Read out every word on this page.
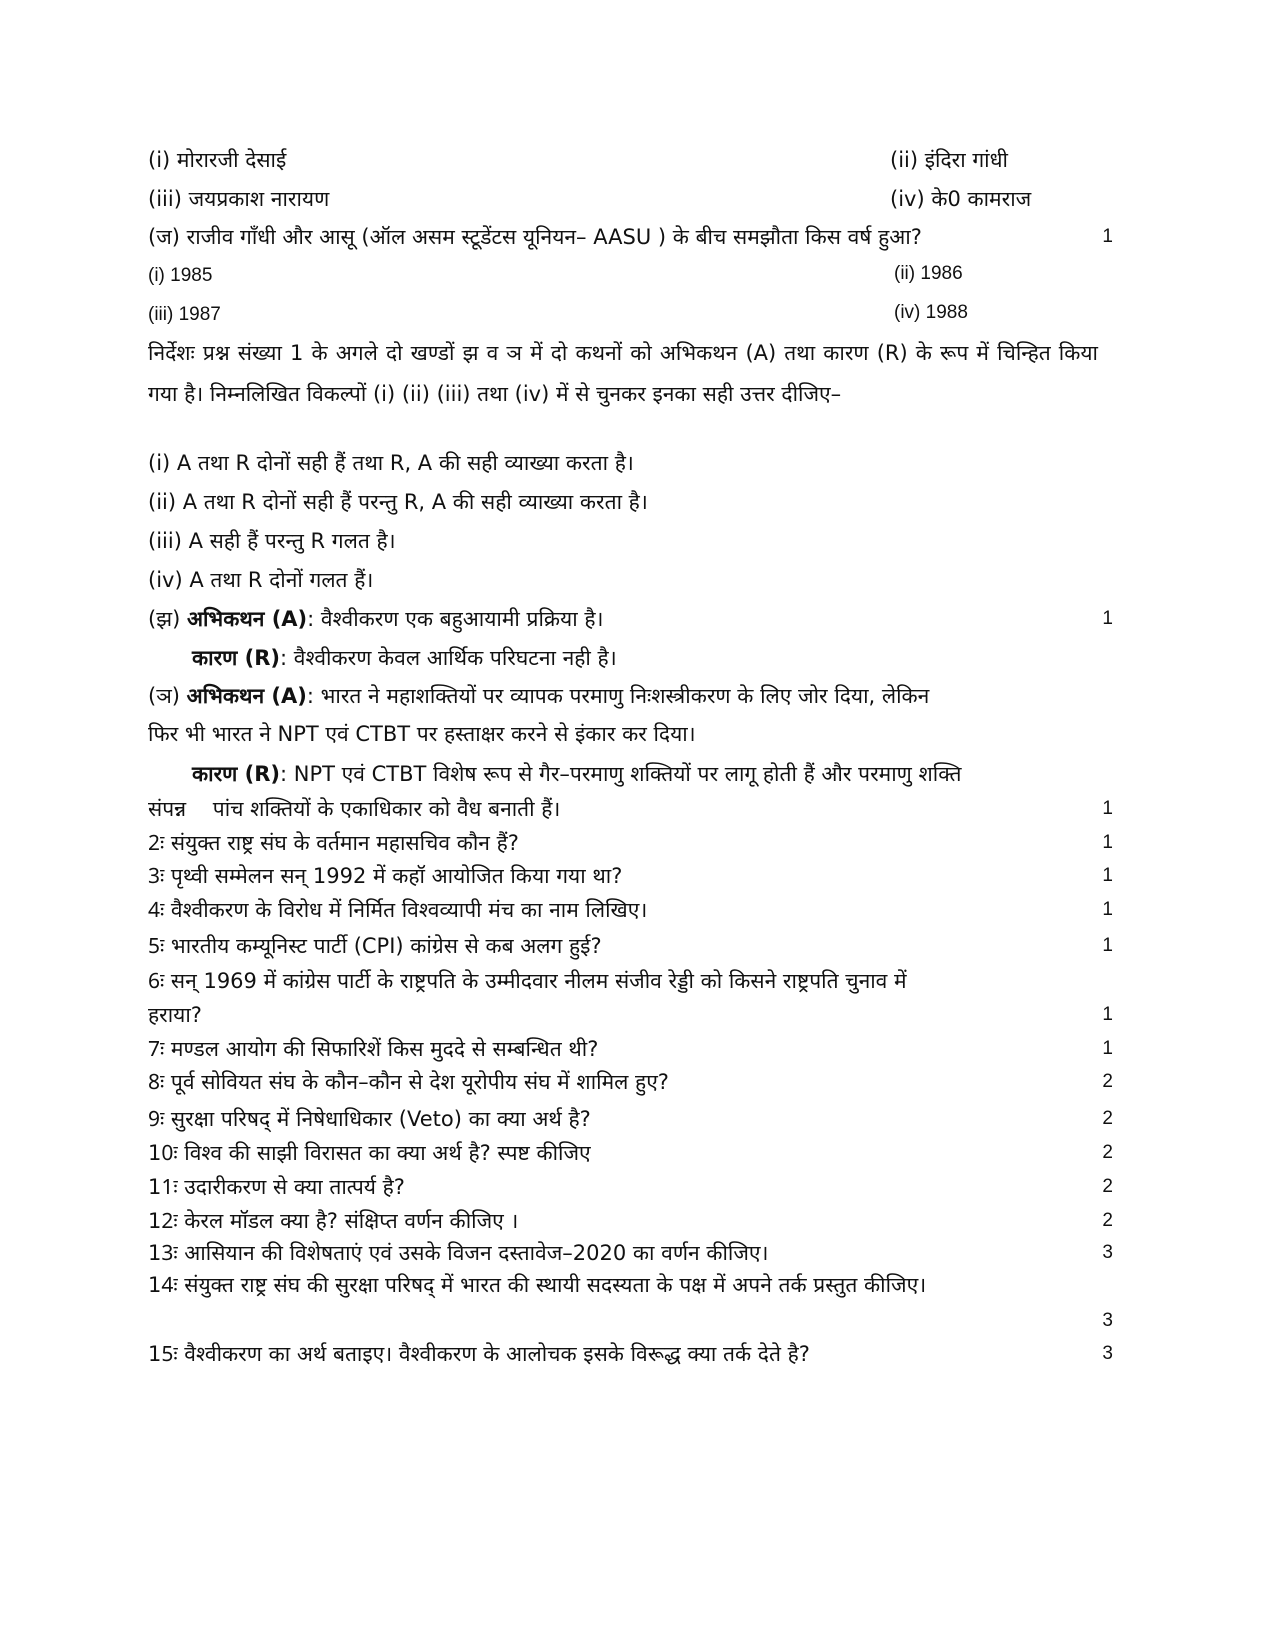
(i) मोरारजी देसाई	(ii) इंदिरा गांधी
(iii) जयप्रकाश नारायण	(iv) के0 कामराज
(ज) राजीव गॉंधी और आसू (ऑल असम स्टूडेंटस यूनियन– AASU ) के बीच समझौता किस वर्ष हुआ?	1
(i) 1985	(ii) 1986
(iii) 1987	(iv) 1988
निर्देशः प्रश्न संख्या 1 के अगले दो खण्डों झ व ञ में दो कथनों को अभिकथन (A) तथा कारण (R) के रूप में चिन्हित किया गया है। निम्नलिखित विकल्पों (i) (ii) (iii) तथा (iv) में से चुनकर इनका सही उत्तर दीजिए–
(i) A तथा R दोनों सही हैं तथा R, A की सही व्याख्या करता है।
(ii) A तथा R दोनों सही हैं परन्तु R, A की सही व्याख्या करता है।
(iii) A सही हैं परन्तु R गलत है।
(iv) A तथा R दोनों गलत हैं।
(झ) अभिकथन (A): वैश्वीकरण एक बहुआयामी प्रक्रिया है।	1
कारण (R): वैश्वीकरण केवल आर्थिक परिघटना नही है।
(ञ) अभिकथन (A): भारत ने महाशक्तियों पर व्यापक परमाणु निःशस्त्रीकरण के लिए जोर दिया, लेकिन
फिर भी भारत ने NPT एवं CTBT पर हस्ताक्षर करने से इंकार कर दिया।
कारण (R): NPT एवं CTBT विशेष रूप से गैर–परमाणु शक्तियों पर लागू होती हैं और परमाणु शक्ति
संपन्न    पांच शक्तियों के एकाधिकार को वैध बनाती हैं।	1
2ः संयुक्त राष्ट्र संघ के वर्तमान महासचिव कौन हैं?	1
3ः पृथ्वी सम्मेलन सन् 1992 में कहॉ आयोजित किया गया था?	1
4ः वैश्वीकरण के विरोध में निर्मित विश्वव्यापी मंच का नाम लिखिए।	1
5ः भारतीय कम्यूनिस्ट पार्टी (CPI) कांग्रेस से कब अलग हुई?	1
6ः सन् 1969 में कांग्रेस पार्टी के राष्ट्रपति के उम्मीदवार नीलम संजीव रेड्डी को किसने राष्ट्रपति चुनाव में
हराया?	1
7ः मण्डल आयोग की सिफारिशें किस मुददे से सम्बन्धित थी?	1
8ः पूर्व सोवियत संघ के कौन–कौन से देश यूरोपीय संघ में शामिल हुए?	2
9ः सुरक्षा परिषद् में निषेधाधिकार (Veto) का क्या अर्थ है?	2
10ः विश्व की साझी विरासत का क्या अर्थ है? स्पष्ट कीजिए	2
11ः उदारीकरण से क्या तात्पर्य है?	2
12ः केरल मॉडल क्या है? संक्षिप्त वर्णन कीजिए ।	2
13ः आसियान की विशेषताएं एवं उसके विजन दस्तावेज–2020 का वर्णन कीजिए।	3
14ः संयुक्त राष्ट्र संघ की सुरक्षा परिषद् में भारत की स्थायी सदस्यता के पक्ष में अपने तर्क प्रस्तुत कीजिए।
3
15ः वैश्वीकरण का अर्थ बताइए। वैश्वीकरण के आलोचक इसके विरूद्ध क्या तर्क देते है?	3
